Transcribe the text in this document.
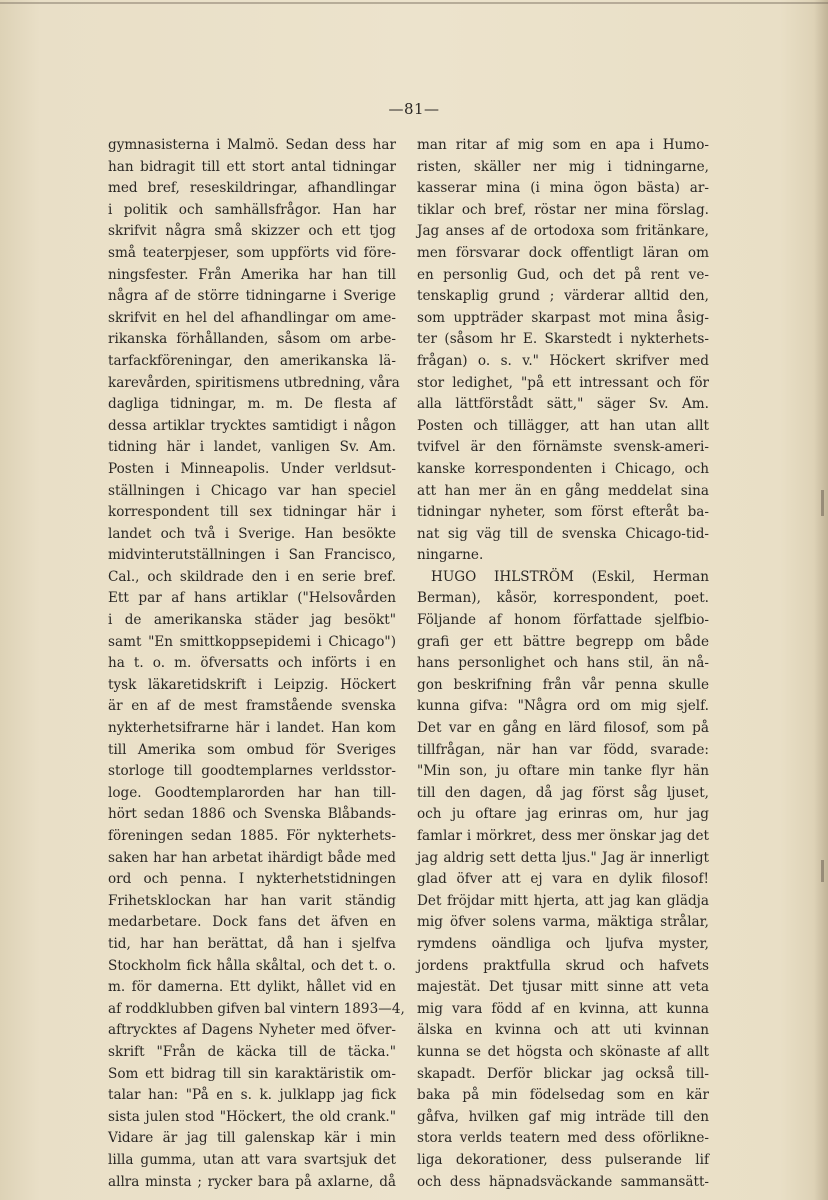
—81—
gymnasisterna i Malmö. Sedan dess har
han bidragit till ett stort antal tidningar
med bref, reseskildringar, afhandlingar
i politik och samhällsfrågor. Han har
skrifvit några små skizzer och ett tjog
små teaterpjeser, som uppförts vid före-
ningsfester. Från Amerika har han till
några af de större tidningarne i Sverige
skrifvit en hel del afhandlingar om ame-
rikanska förhållanden, såsom om arbe-
tarfackföreningar, den amerikanska lä-
karevården, spiritismens utbredning, våra
dagliga tidningar, m. m. De flesta af
dessa artiklar trycktes samtidigt i någon
tidning här i landet, vanligen Sv. Am.
Posten i Minneapolis. Under verldsut-
ställningen i Chicago var han speciel
korrespondent till sex tidningar här i
landet och två i Sverige. Han besökte
midvinterutställningen i San Francisco,
Cal., och skildrade den i en serie bref.
Ett par af hans artiklar ("Helsovården
i de amerikanska städer jag besökt"
samt "En smittkoppsepidemi i Chicago")
ha t. o. m. öfversatts och införts i en
tysk läkaretidskrift i Leipzig. Höckert
är en af de mest framstående svenska
nykterhetsifrarne här i landet. Han kom
till Amerika som ombud för Sveriges
storloge till goodtemplarnes verldsstor-
loge. Goodtemplarorden har han till-
hört sedan 1886 och Svenska Blåbands-
föreningen sedan 1885. För nykterhets-
saken har han arbetat ihärdigt både med
ord och penna. I nykterhetstidningen
Frihetsklockan har han varit ständig
medarbetare. Dock fans det äfven en
tid, har han berättat, då han i sjelfva
Stockholm fick hålla skåltal, och det t. o.
m. för damerna. Ett dylikt, hållet vid en
af roddklubben gifven bal vintern 1893—4,
aftrycktes af Dagens Nyheter med öfver-
skrift "Från de käcka till de täcka."
Som ett bidrag till sin karaktäristik om-
talar han: "På en s. k. julklapp jag fick
sista julen stod "Höckert, the old crank."
Vidare är jag till galenskap kär i min
lilla gumma, utan att vara svartsjuk det
allra minsta ; rycker bara på axlarne, då
man ritar af mig som en apa i Humo-
risten, skäller ner mig i tidningarne,
kasserar mina (i mina ögon bästa) ar-
tiklar och bref, röstar ner mina förslag.
Jag anses af de ortodoxa som fritänkare,
men försvarar dock offentligt läran om
en personlig Gud, och det på rent ve-
tenskaplig grund ; värderar alltid den,
som uppträder skarpast mot mina åsig-
ter (såsom hr E. Skarstedt i nykterhets-
frågan) o. s. v." Höckert skrifver med
stor ledighet, "på ett intressant och för
alla lättförstådt sätt," säger Sv. Am.
Posten och tillägger, att han utan allt
tvifvel är den förnämste svensk-ameri-
kanske korrespondenten i Chicago, och
att han mer än en gång meddelat sina
tidningar nyheter, som först efteråt ba-
nat sig väg till de svenska Chicago-tid-
ningarne.
HUGO IHLSTRÖM (Eskil, Herman
Berman), kåsör, korrespondent, poet.
Följande af honom författade sjelfbio-
grafi ger ett bättre begrepp om både
hans personlighet och hans stil, än nå-
gon beskrifning från vår penna skulle
kunna gifva: "Några ord om mig sjelf.
Det var en gång en lärd filosof, som på
tillfrågan, när han var född, svarade:
"Min son, ju oftare min tanke flyr hän
till den dagen, då jag först såg ljuset,
och ju oftare jag erinras om, hur jag
famlar i mörkret, dess mer önskar jag det
jag aldrig sett detta ljus." Jag är innerligt
glad öfver att ej vara en dylik filosof!
Det fröjdar mitt hjerta, att jag kan glädja
mig öfver solens varma, mäktiga strålar,
rymdens oändliga och ljufva myster,
jordens praktfulla skrud och hafvets
majestät. Det tjusar mitt sinne att veta
mig vara född af en kvinna, att kunna
älska en kvinna och att uti kvinnan
kunna se det högsta och skönaste af allt
skapadt. Derför blickar jag också till-
baka på min födelsedag som en kär
gåfva, hvilken gaf mig inträde till den
stora verlds teatern med dess oförlikne-
liga dekorationer, dess pulserande lif
och dess häpnadsväckande sammansätt-
